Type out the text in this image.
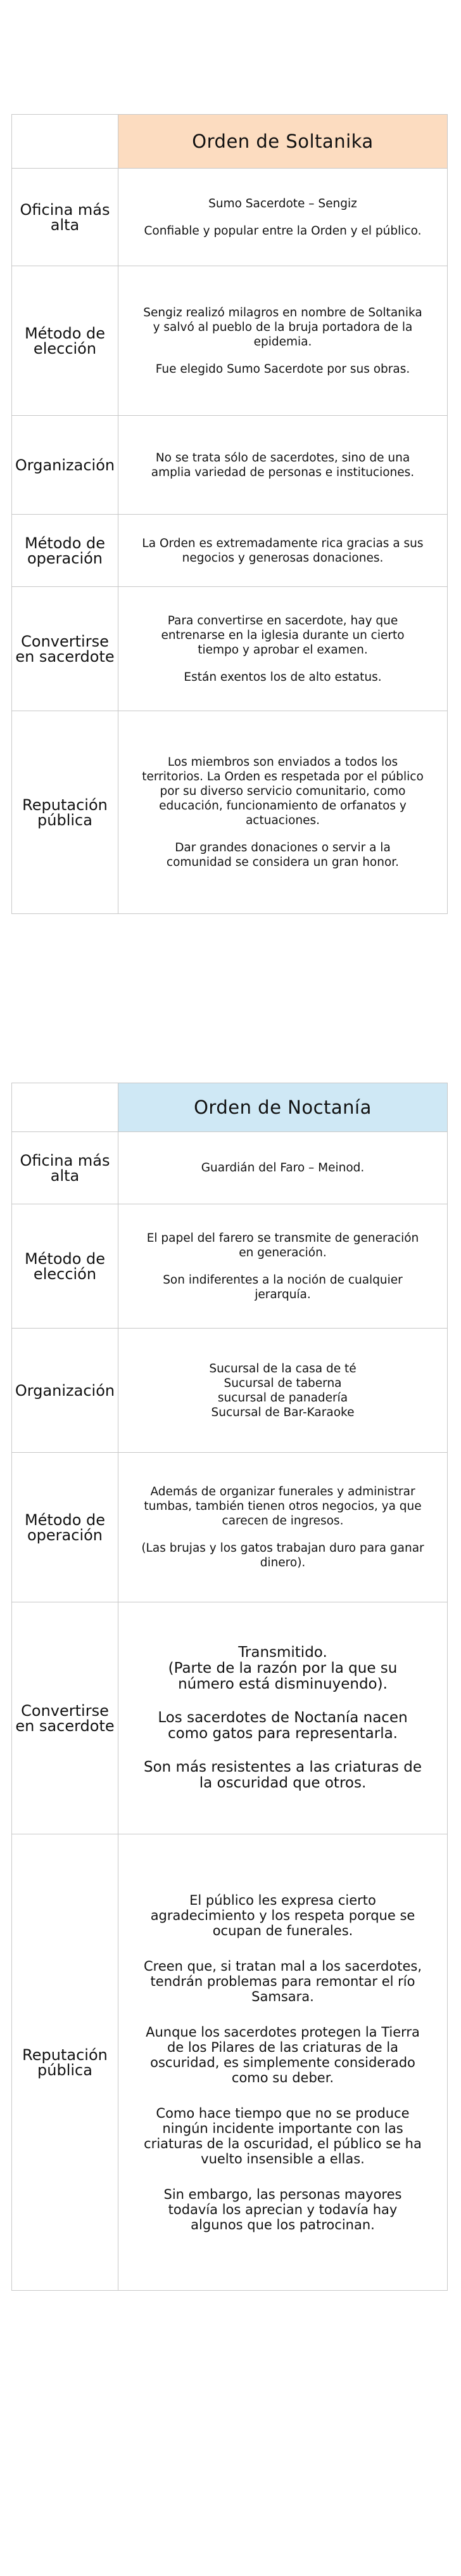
	Orden de Soltanika
Oficina más alta	Sumo Sacerdote – Sengiz

Confiable y popular entre la Orden y el público.

Método de elección	Sengiz realizó milagros en nombre de Soltanika y salvó al pueblo de la bruja portadora de la epidemia.

Fue elegido Sumo Sacerdote por sus obras.

Organización	No se trata sólo de sacerdotes, sino de una amplia variedad de personas e instituciones.

Método de operación	La Orden es extremadamente rica gracias a sus negocios y generosas donaciones.

Convertirse en sacerdote	Para convertirse en sacerdote, hay que entrenarse en la iglesia durante un cierto tiempo y aprobar el examen.

Están exentos los de alto estatus.

Reputación pública	Los miembros son enviados a todos los territorios. La Orden es respetada por el público por su diverso servicio comunitario, como educación, funcionamiento de orfanatos y actuaciones.

Dar grandes donaciones o servir a la comunidad se considera un gran honor.

	Orden de Noctanía
Oficina más alta	Guardián del Faro – Meinod.

Método de elección	El papel del farero se transmite de generación en generación.

Son indiferentes a la noción de cualquier jerarquía.

Organización	Sucursal de la casa de té
Sucursal de taberna
sucursal de panadería
Sucursal de Bar-Karaoke

Método de operación	Además de organizar funerales y administrar tumbas, también tienen otros negocios, ya que carecen de ingresos.

(Las brujas y los gatos trabajan duro para ganar dinero).

Convertirse en sacerdote	Transmitido.
(Parte de la razón por la que su número está disminuyendo).

Los sacerdotes de Noctanía nacen como gatos para representarla.

Son más resistentes a las criaturas de la oscuridad que otros.

Reputación pública	El público les expresa cierto agradecimiento y los respeta porque se ocupan de funerales.

Creen que, si tratan mal a los sacerdotes, tendrán problemas para remontar el río Samsara.

Aunque los sacerdotes protegen la Tierra de los Pilares de las criaturas de la oscuridad, es simplemente considerado como su deber.

Como hace tiempo que no se produce ningún incidente importante con las criaturas de la oscuridad, el público se ha vuelto insensible a ellas.

Sin embargo, las personas mayores todavía los aprecian y todavía hay algunos que los patrocinan.
